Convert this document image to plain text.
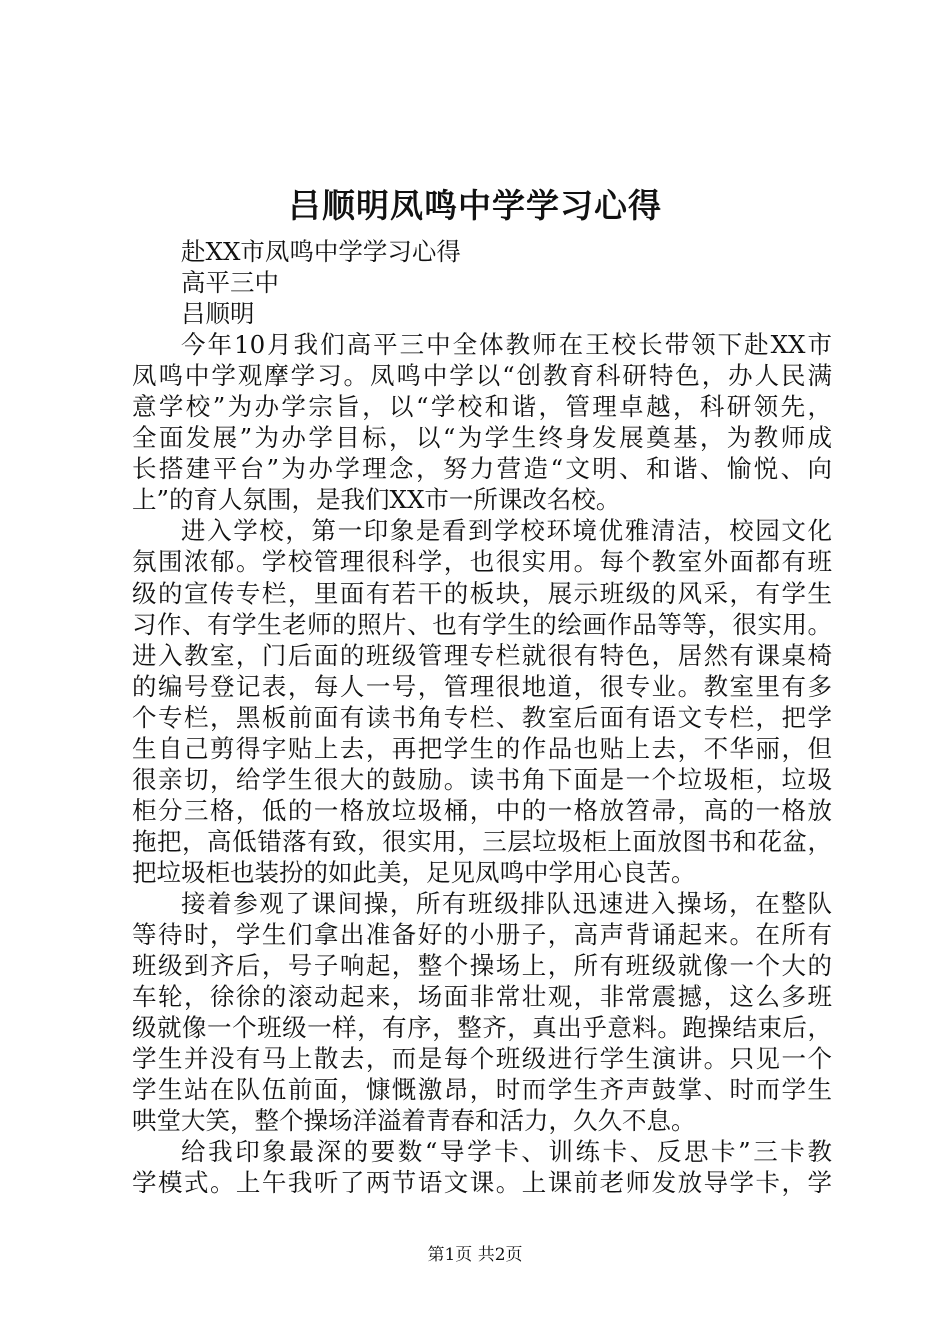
吕顺明凤鸣中学学习心得
赴XX市凤鸣中学学习心得
高平三中
吕顺明
今年10月我们高平三中全体教师在王校长带领下赴XX市
凤鸣中学观摩学习。凤鸣中学以“创教育科研特色，办人民满
意学校”为办学宗旨，以“学校和谐，管理卓越，科研领先，
全面发展”为办学目标，以“为学生终身发展奠基，为教师成
长搭建平台”为办学理念，努力营造“文明、和谐、愉悦、向
上”的育人氛围，是我们XX市一所课改名校。
进入学校，第一印象是看到学校环境优雅清洁，校园文化
氛围浓郁。学校管理很科学，也很实用。每个教室外面都有班
级的宣传专栏，里面有若干的板块，展示班级的风采，有学生
习作、有学生老师的照片、也有学生的绘画作品等等，很实用。
进入教室，门后面的班级管理专栏就很有特色，居然有课桌椅
的编号登记表，每人一号，管理很地道，很专业。教室里有多
个专栏，黑板前面有读书角专栏、教室后面有语文专栏，把学
生自己剪得字贴上去，再把学生的作品也贴上去，不华丽，但
很亲切，给学生很大的鼓励。读书角下面是一个垃圾柜，垃圾
柜分三格，低的一格放垃圾桶，中的一格放笤帚，高的一格放
拖把，高低错落有致，很实用，三层垃圾柜上面放图书和花盆，
把垃圾柜也装扮的如此美，足见凤鸣中学用心良苦。
接着参观了课间操，所有班级排队迅速进入操场，在整队
等待时，学生们拿出准备好的小册子，高声背诵起来。在所有
班级到齐后，号子响起，整个操场上，所有班级就像一个大的
车轮，徐徐的滚动起来，场面非常壮观，非常震撼，这么多班
级就像一个班级一样，有序，整齐，真出乎意料。跑操结束后，
学生并没有马上散去，而是每个班级进行学生演讲。只见一个
学生站在队伍前面，慷慨激昂，时而学生齐声鼓掌、时而学生
哄堂大笑，整个操场洋溢着青春和活力，久久不息。
给我印象最深的要数“导学卡、训练卡、反思卡”三卡教
学模式。上午我听了两节语文课。上课前老师发放导学卡，学
第1页 共2页
